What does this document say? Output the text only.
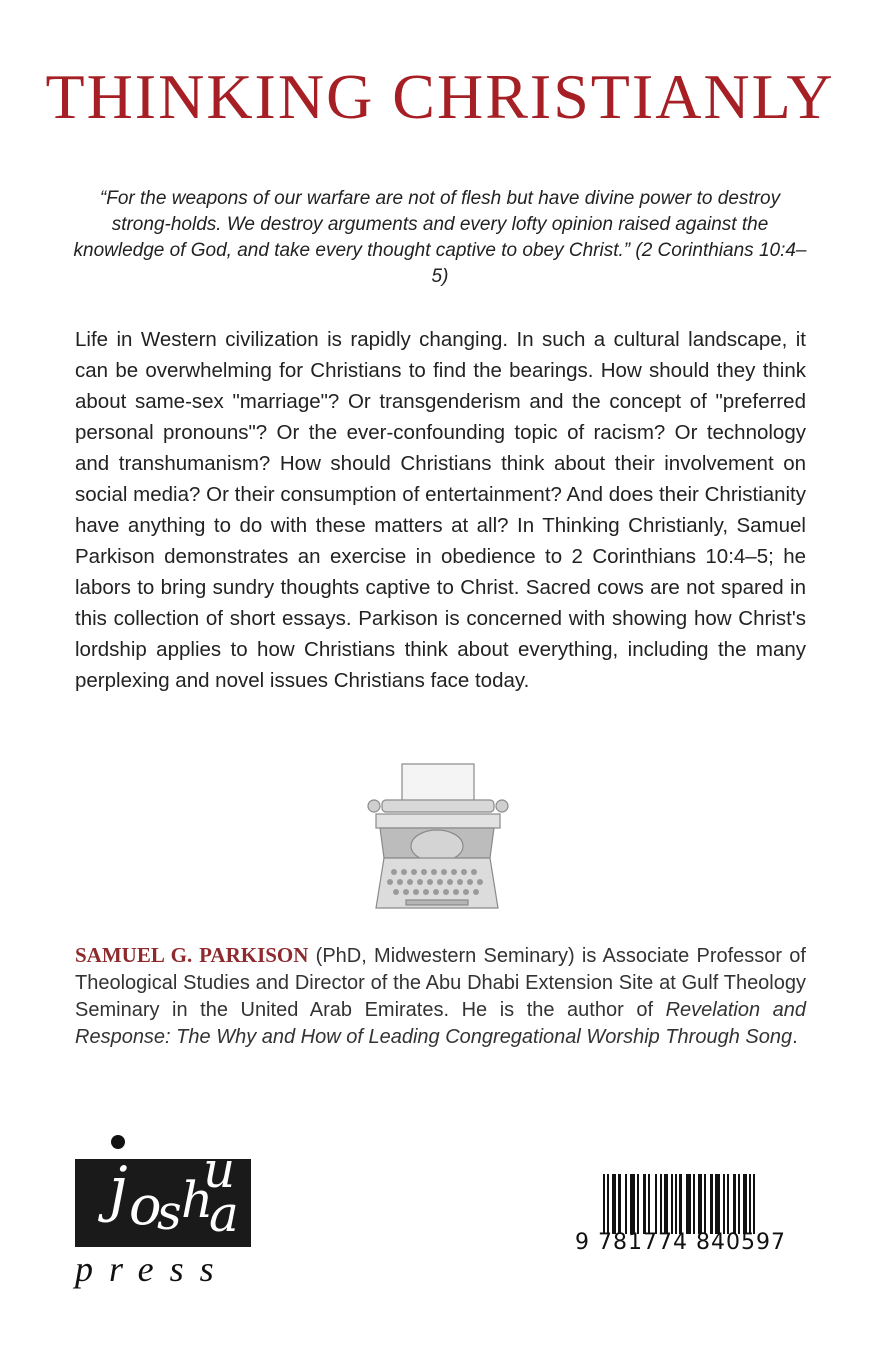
THINKING CHRISTIANLY
“For the weapons of our warfare are not of flesh but have divine power to destroy strong-holds. We destroy arguments and every lofty opinion raised against the knowledge of God, and take every thought captive to obey Christ.” (2 Corinthians 10:4–5)
Life in Western civilization is rapidly changing. In such a cultural landscape, it can be overwhelming for Christians to find the bearings. How should they think about same-sex "marriage"? Or transgenderism and the concept of "preferred personal pronouns"? Or the ever-confounding topic of racism? Or technology and transhumanism? How should Christians think about their involvement on social media? Or their consumption of entertainment? And does their Christianity have anything to do with these matters at all? In Thinking Christianly, Samuel Parkison demonstrates an exercise in obedience to 2 Corinthians 10:4–5; he labors to bring sundry thoughts captive to Christ. Sacred cows are not spared in this collection of short essays. Parkison is concerned with showing how Christ's lordship applies to how Christians think about everything, including the many perplexing and novel issues Christians face today.
SAMUEL G. PARKISON (PhD, Midwestern Seminary) is Associate Professor of Theological Studies and Director of the Abu Dhabi Extension Site at Gulf Theology Seminary in the United Arab Emirates. He is the author of Revelation and Response: The Why and How of Leading Congregational Worship Through Song.
j o
s h
u
a
press
9 781774 840597
